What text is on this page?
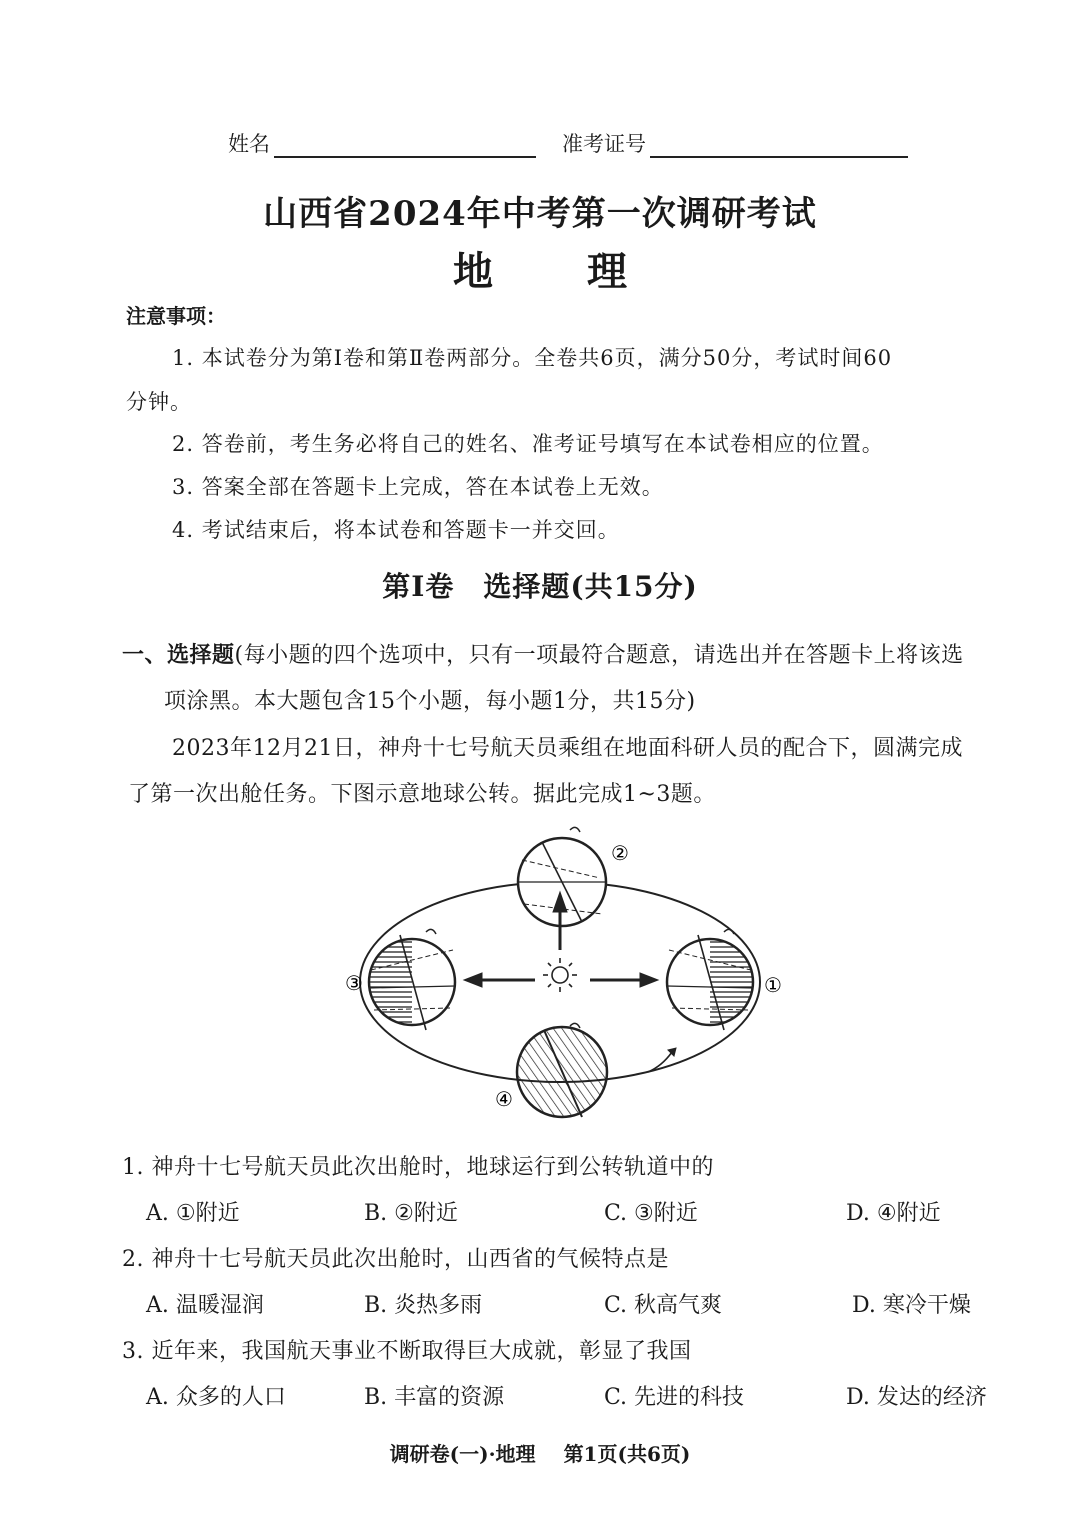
姓名	准考证号
山西省2024年中考第一次调研考试
地 理
注意事项：
1. 本试卷分为第Ⅰ卷和第Ⅱ卷两部分。全卷共6页，满分50分，考试时间60
分钟。
2. 答卷前，考生务必将自己的姓名、准考证号填写在本试卷相应的位置。
3. 答案全部在答题卡上完成，答在本试卷上无效。
4. 考试结束后，将本试卷和答题卡一并交回。
第Ⅰ卷　选择题(共15分)
一、选择题(每小题的四个选项中，只有一项最符合题意，请选出并在答题卡上将该选
项涂黑。本大题包含15个小题，每小题1分，共15分)
2023年12月21日，神舟十七号航天员乘组在地面科研人员的配合下，圆满完成
了第一次出舱任务。下图示意地球公转。据此完成1~3题。
②
③	①
④
1. 神舟十七号航天员此次出舱时，地球运行到公转轨道中的
A. ①附近	B. ②附近	C. ③附近	D. ④附近
2. 神舟十七号航天员此次出舱时，山西省的气候特点是
A. 温暖湿润	B. 炎热多雨	C. 秋高气爽	D. 寒冷干燥
3. 近年来，我国航天事业不断取得巨大成就，彰显了我国
A. 众多的人口	B. 丰富的资源	C. 先进的科技	D. 发达的经济
调研卷(一)·地理 第1页(共6页)
